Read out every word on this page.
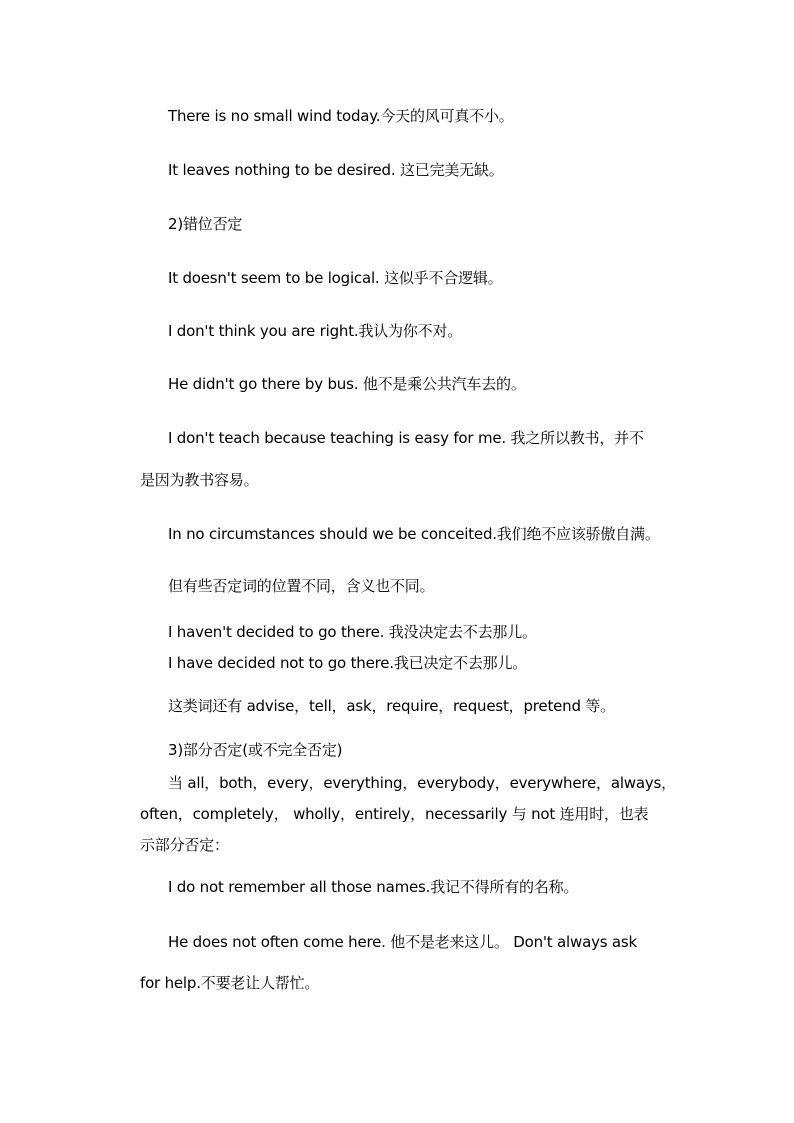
There is no small wind today.今天的风可真不小。
It leaves nothing to be desired. 这已完美无缺。
2)错位否定
It doesn't seem to be logical. 这似乎不合逻辑。
I don't think you are right.我认为你不对。
He didn't go there by bus. 他不是乘公共汽车去的。
I don't teach because teaching is easy for me. 我之所以教书，并不
是因为教书容易。
In no circumstances should we be conceited.我们绝不应该骄傲自满。
但有些否定词的位置不同，含义也不同。
I haven't decided to go there. 我没决定去不去那儿。
I have decided not to go there.我已决定不去那儿。
这类词还有 advise，tell，ask，require，request，pretend 等。
3)部分否定(或不完全否定)
当 all，both，every，everything，everybody，everywhere，always，
often，completely， wholly，entirely，necessarily 与 not 连用时，也表
示部分否定：
I do not remember all those names.我记不得所有的名称。
He does not often come here. 他不是老来这儿。 Don't always ask
for help.不要老让人帮忙。
